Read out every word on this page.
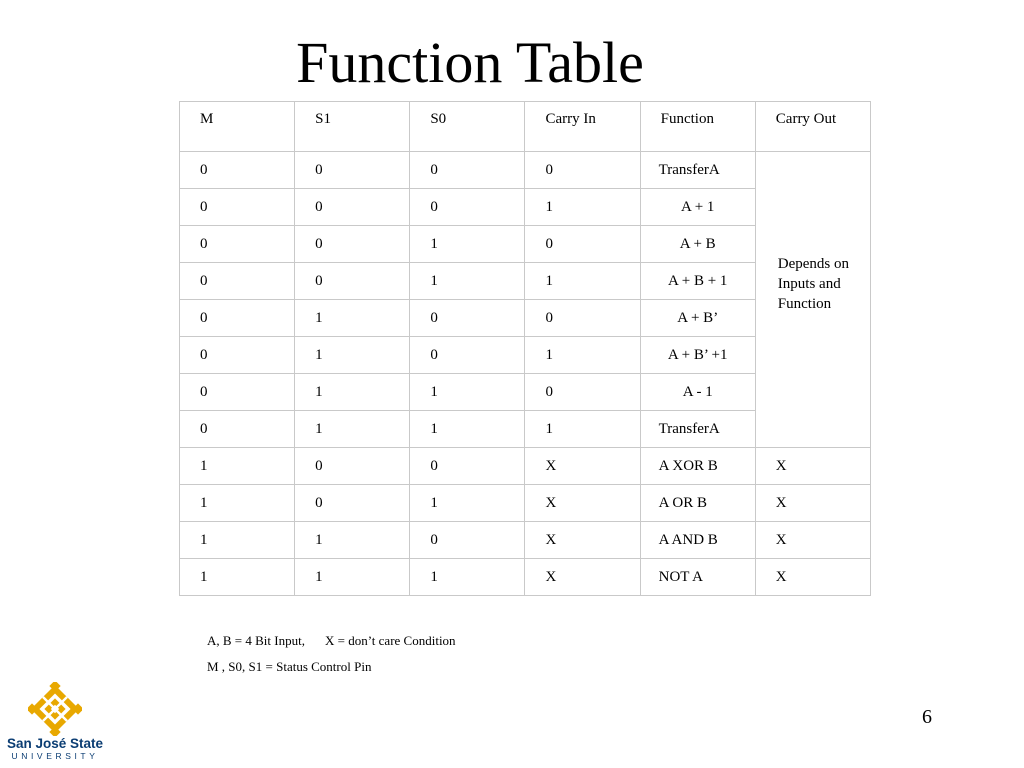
Function Table
M	S1	S0	Carry In	Function	Carry Out
0	0	0	0	TransferA	Depends on Inputs and Function
0	0	0	1	A + 1	
0	0	1	0	A + B	
0	0	1	1	A + B + 1	
0	1	0	0	A + B’	
0	1	0	1	A + B’ +1	
0	1	1	0	A - 1	
0	1	1	1	TransferA	
1	0	0	X	A XOR B	X
1	0	1	X	A OR B	X
1	1	0	X	A AND B	X
1	1	1	X	NOT A	X
A, B = 4 Bit Input, X = don’t care Condition
M , S0, S1 = Status Control Pin
6
San José State
UNIVERSITY
